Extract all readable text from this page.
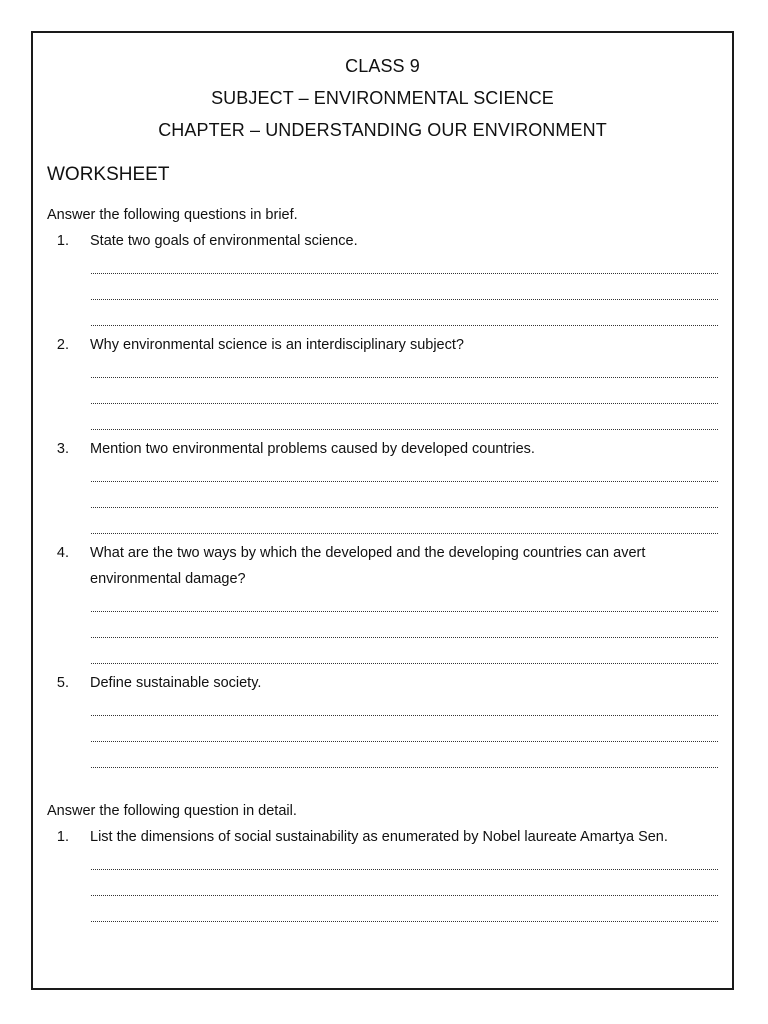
CLASS 9
SUBJECT – ENVIRONMENTAL SCIENCE
CHAPTER – UNDERSTANDING OUR ENVIRONMENT
WORKSHEET
Answer the following questions in brief.
1.	State two goals of environmental science.
2.	Why environmental science is an interdisciplinary subject?
3.	Mention two environmental problems caused by developed countries.
4.	What are the two ways by which the developed and the developing countries can avert environmental damage?
5.	Define sustainable society.
Answer the following question in detail.
1.	List the dimensions of social sustainability as enumerated by Nobel laureate Amartya Sen.
